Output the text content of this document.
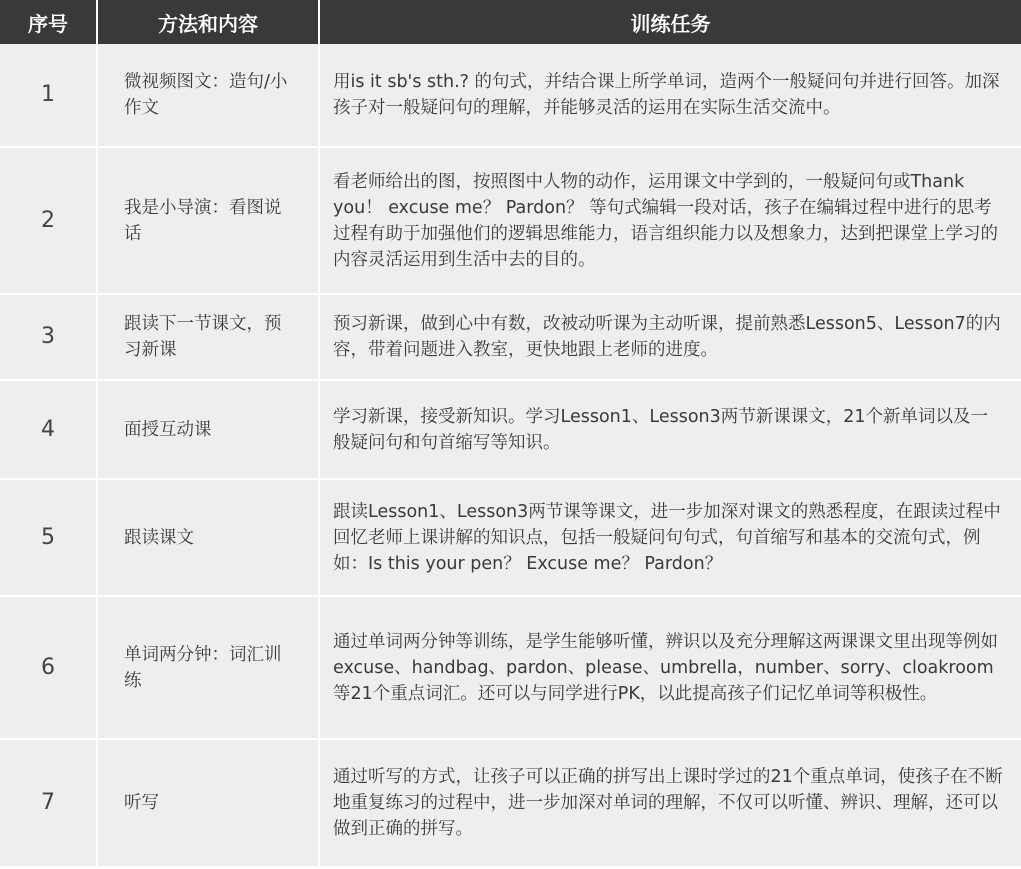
序号	方法和内容	训练任务
1	微视频图文：造句/小作文	用is it sb's sth.? 的句式，并结合课上所学单词，造两个一般疑问句并进行回答。加深孩子对一般疑问句的理解，并能够灵活的运用在实际生活交流中。
2	我是小导演：看图说话	看老师给出的图，按照图中人物的动作，运用课文中学到的，一般疑问句或Thank you！ excuse me？ Pardon？ 等句式编辑一段对话，孩子在编辑过程中进行的思考过程有助于加强他们的逻辑思维能力，语言组织能力以及想象力，达到把课堂上学习的内容灵活运用到生活中去的目的。
3	跟读下一节课文，预习新课	预习新课，做到心中有数，改被动听课为主动听课，提前熟悉Lesson5、Lesson7的内容，带着问题进入教室，更快地跟上老师的进度。
4	面授互动课	学习新课，接受新知识。学习Lesson1、Lesson3两节新课课文，21个新单词以及一般疑问句和句首缩写等知识。
5	跟读课文	跟读Lesson1、Lesson3两节课等课文，进一步加深对课文的熟悉程度，在跟读过程中回忆老师上课讲解的知识点，包括一般疑问句句式，句首缩写和基本的交流句式，例如：Is this your pen？ Excuse me？ Pardon？
6	单词两分钟：词汇训练	通过单词两分钟等训练，是学生能够听懂，辨识以及充分理解这两课课文里出现等例如excuse、handbag、pardon、please、umbrella，number、sorry、cloakroom等21个重点词汇。还可以与同学进行PK，以此提高孩子们记忆单词等积极性。
7	听写	通过听写的方式，让孩子可以正确的拼写出上课时学过的21个重点单词，使孩子在不断地重复练习的过程中，进一步加深对单词的理解，不仅可以听懂、辨识、理解，还可以做到正确的拼写。
